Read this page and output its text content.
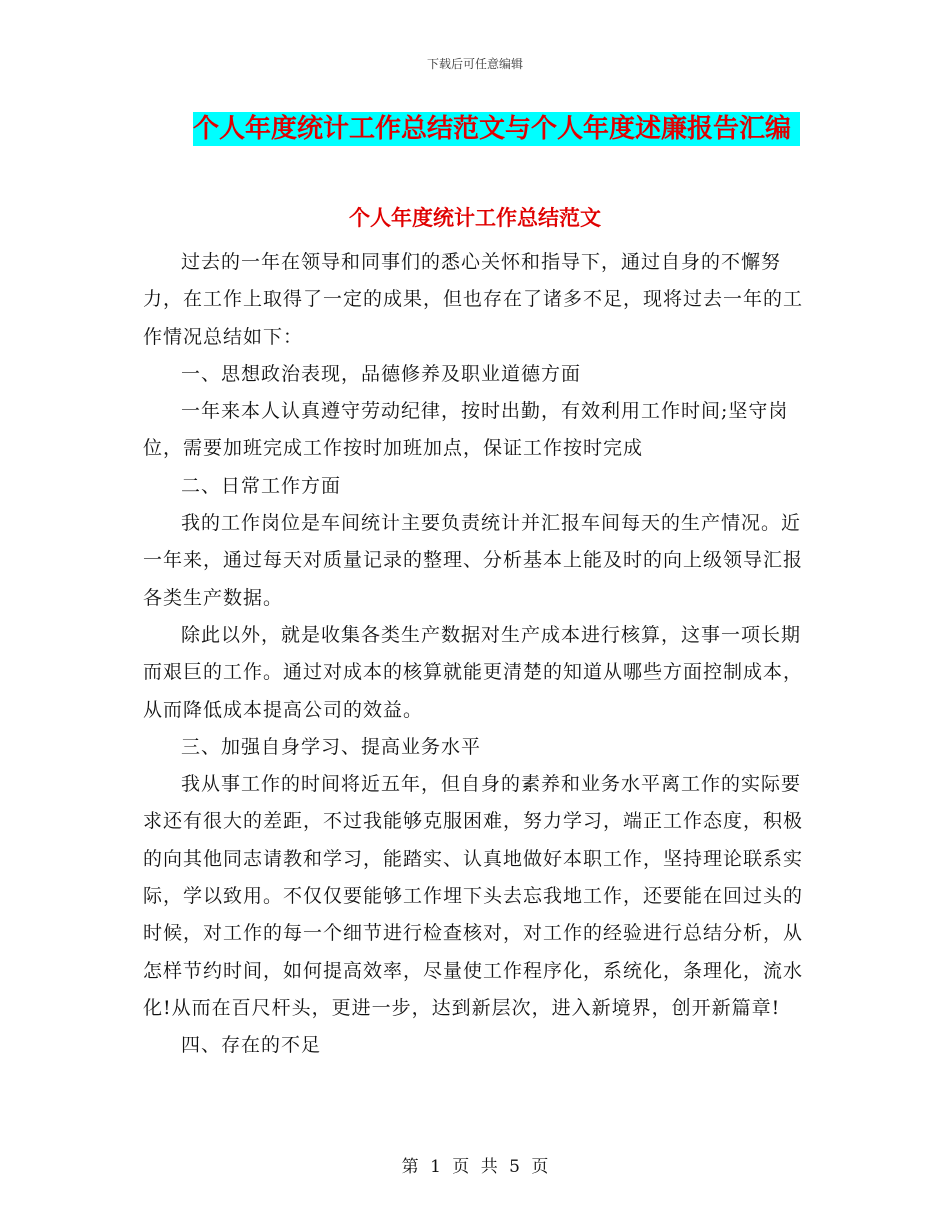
下载后可任意编辑
个人年度统计工作总结范文与个人年度述廉报告汇编
个人年度统计工作总结范文

过去的一年在领导和同事们的悉心关怀和指导下，通过自身的不懈努力，在工作上取得了一定的成果，但也存在了诸多不足，现将过去一年的工作情况总结如下：

一、思想政治表现，品德修养及职业道德方面

一年来本人认真遵守劳动纪律，按时出勤，有效利用工作时间;坚守岗位，需要加班完成工作按时加班加点，保证工作按时完成

二、日常工作方面

我的工作岗位是车间统计主要负责统计并汇报车间每天的生产情况。近一年来，通过每天对质量记录的整理、分析基本上能及时的向上级领导汇报各类生产数据。

除此以外，就是收集各类生产数据对生产成本进行核算，这事一项长期而艰巨的工作。通过对成本的核算就能更清楚的知道从哪些方面控制成本，从而降低成本提高公司的效益。

三、加强自身学习、提高业务水平

我从事工作的时间将近五年，但自身的素养和业务水平离工作的实际要求还有很大的差距，不过我能够克服困难，努力学习，端正工作态度，积极的向其他同志请教和学习，能踏实、认真地做好本职工作，坚持理论联系实际，学以致用。不仅仅要能够工作埋下头去忘我地工作，还要能在回过头的时候，对工作的每一个细节进行检查核对，对工作的经验进行总结分析，从怎样节约时间，如何提高效率，尽量使工作程序化，系统化，条理化，流水化!从而在百尺杆头，更进一步，达到新层次，进入新境界，创开新篇章!

四、存在的不足

第 1 页 共 5 页
